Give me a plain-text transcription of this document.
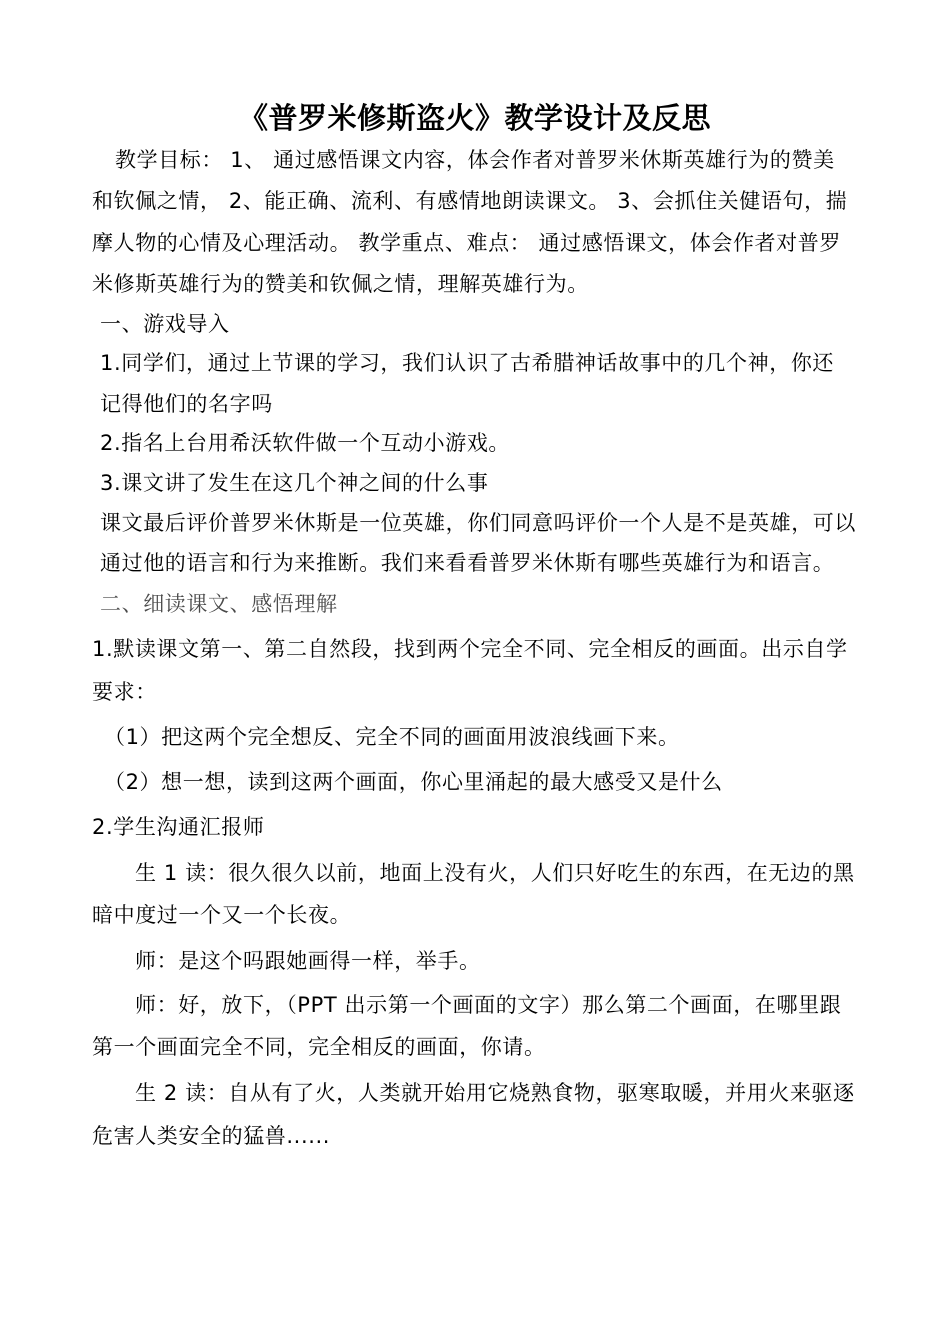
《普罗米修斯盗火》教学设计及反思
教学目标： 1、 通过感悟课文内容，体会作者对普罗米休斯英雄行为的赞美
和钦佩之情， 2、能正确、流利、有感情地朗读课文。 3、会抓住关健语句，揣
摩人物的心情及心理活动。 教学重点、难点： 通过感悟课文，体会作者对普罗
米修斯英雄行为的赞美和钦佩之情，理解英雄行为。
一、游戏导入
1.同学们，通过上节课的学习，我们认识了古希腊神话故事中的几个神，你还
记得他们的名字吗
2.指名上台用希沃软件做一个互动小游戏。
3.课文讲了发生在这几个神之间的什么事
课文最后评价普罗米休斯是一位英雄，你们同意吗评价一个人是不是英雄，可以
通过他的语言和行为来推断。我们来看看普罗米休斯有哪些英雄行为和语言。
二、细读课文、感悟理解
1.默读课文第一、第二自然段，找到两个完全不同、完全相反的画面。出示自学
要求：
（1）把这两个完全想反、完全不同的画面用波浪线画下来。
（2）想一想，读到这两个画面，你心里涌起的最大感受又是什么
2.学生沟通汇报师
生 1 读：很久很久以前，地面上没有火，人们只好吃生的东西，在无边的黑
暗中度过一个又一个长夜。
师：是这个吗跟她画得一样，举手。
师：好，放下，（PPT 出示第一个画面的文字）那么第二个画面，在哪里跟
第一个画面完全不同，完全相反的画面，你请。
生 2 读：自从有了火，人类就开始用它烧熟食物，驱寒取暖，并用火来驱逐
危害人类安全的猛兽......
